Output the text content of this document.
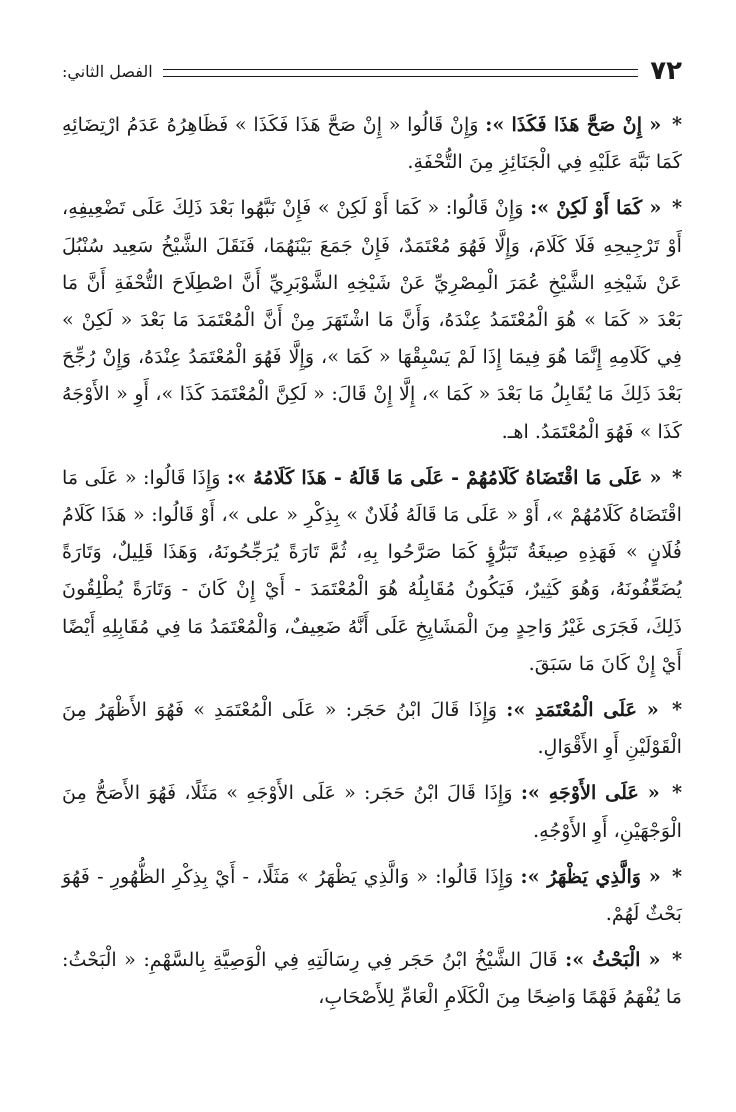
٧٢
الفصل الثاني:

* « إِنْ صَحَّ هَذَا فَكَذَا »: وَإِنْ قَالُوا « إِنْ صَحَّ هَذَا فَكَذَا » فَظَاهِرُهُ عَدَمُ ارْتِضَائِهِ كَمَا نَبَّهَ عَلَيْهِ فِي الْجَنَائِزِ مِنَ التُّحْفَةِ.

* « كَمَا أَوْ لَكِنْ »: وَإِنْ قَالُوا: « كَمَا أَوْ لَكِنْ » فَإِنْ نَبَّهُوا بَعْدَ ذَلِكَ عَلَى تَضْعِيفِهِ، أَوْ تَرْجِيحِهِ فَلَا كَلَامَ، وَإِلَّا فَهُوَ مُعْتَمَدٌ، فَإِنْ جَمَعَ بَيْنَهُمَا، فَنَقَلَ الشَّيْخُ سَعِيد سُنْبُلَ عَنْ شَيْخِهِ الشَّيْخِ عُمَرَ الْمِصْرِيِّ عَنْ شَيْخِهِ الشَّوْبَرِيِّ أَنَّ اصْطِلَاحَ التُّحْفَةِ أَنَّ مَا بَعْدَ « كَمَا » هُوَ الْمُعْتَمَدُ عِنْدَهُ، وَأَنَّ مَا اشْتَهَرَ مِنْ أَنَّ الْمُعْتَمَدَ مَا بَعْدَ « لَكِنْ » فِي كَلَامِهِ إِنَّمَا هُوَ فِيمَا إِذَا لَمْ يَسْبِقْهَا « كَمَا »، وَإِلَّا فَهُوَ الْمُعْتَمَدُ عِنْدَهُ، وَإِنْ رُجِّحَ بَعْدَ ذَلِكَ مَا يُقَابِلُ مَا بَعْدَ « كَمَا »، إِلَّا إِنْ قَالَ: « لَكِنَّ الْمُعْتَمَدَ كَذَا »، أَوِ « الأَوْجَهُ كَذَا » فَهُوَ الْمُعْتَمَدُ. اهـ.

* « عَلَى مَا اقْتَضَاهُ كَلَامُهُمْ - عَلَى مَا قَالَهُ - هَذَا كَلَامُهُ »: وَإِذَا قَالُوا: « عَلَى مَا اقْتَضَاهُ كَلَامُهُمْ »، أَوْ « عَلَى مَا قَالَهُ فُلَانٌ » بِذِكْرِ « على »، أَوْ قَالُوا: « هَذَا كَلَامُ فُلَانٍ » فَهَذِهِ صِيغَةُ تَبَرُّؤٍ كَمَا صَرَّحُوا بِهِ، ثُمَّ تَارَةً يُرَجِّحُونَهُ، وَهَذَا قَلِيلٌ، وَتَارَةً يُضَعِّفُونَهُ، وَهُوَ كَثِيرٌ، فَيَكُونُ مُقَابِلُهُ هُوَ الْمُعْتَمَدَ - أَيْ إِنْ كَانَ - وَتَارَةً يُطْلِقُونَ ذَلِكَ، فَجَرَى غَيْرُ وَاحِدٍ مِنَ الْمَشَايِخِ عَلَى أَنَّهُ ضَعِيفٌ، وَالْمُعْتَمَدُ مَا فِي مُقَابِلِهِ أَيْضًا أَيْ إِنْ كَانَ مَا سَبَقَ.

* « عَلَى الْمُعْتَمَدِ »: وَإِذَا قَالَ ابْنُ حَجَر: « عَلَى الْمُعْتَمَدِ » فَهُوَ الأَظْهَرُ مِنَ الْقَوْلَيْنِ أَوِ الأَقْوَالِ.

* « عَلَى الأَوْجَهِ »: وَإِذَا قَالَ ابْنُ حَجَر: « عَلَى الأَوْجَهِ » مَثَلًا، فَهُوَ الأَصَحُّ مِنَ الْوَجْهَيْنِ، أَوِ الأَوْجُهِ.

* « وَالَّذِي يَظْهَرُ »: وَإِذَا قَالُوا: « وَالَّذِي يَظْهَرُ » مَثَلًا، - أَيْ بِذِكْرِ الظُّهُورِ - فَهُوَ بَحْثٌ لَهُمْ.

* « الْبَحْثُ »: قَالَ الشَّيْخُ ابْنُ حَجَر فِي رِسَالَتِهِ فِي الْوَصِيَّةِ بِالسَّهْمِ: « الْبَحْثُ: مَا يُفْهَمُ فَهْمًا وَاضِحًا مِنَ الْكَلَامِ الْعَامِّ لِلأَصْحَابِ،
